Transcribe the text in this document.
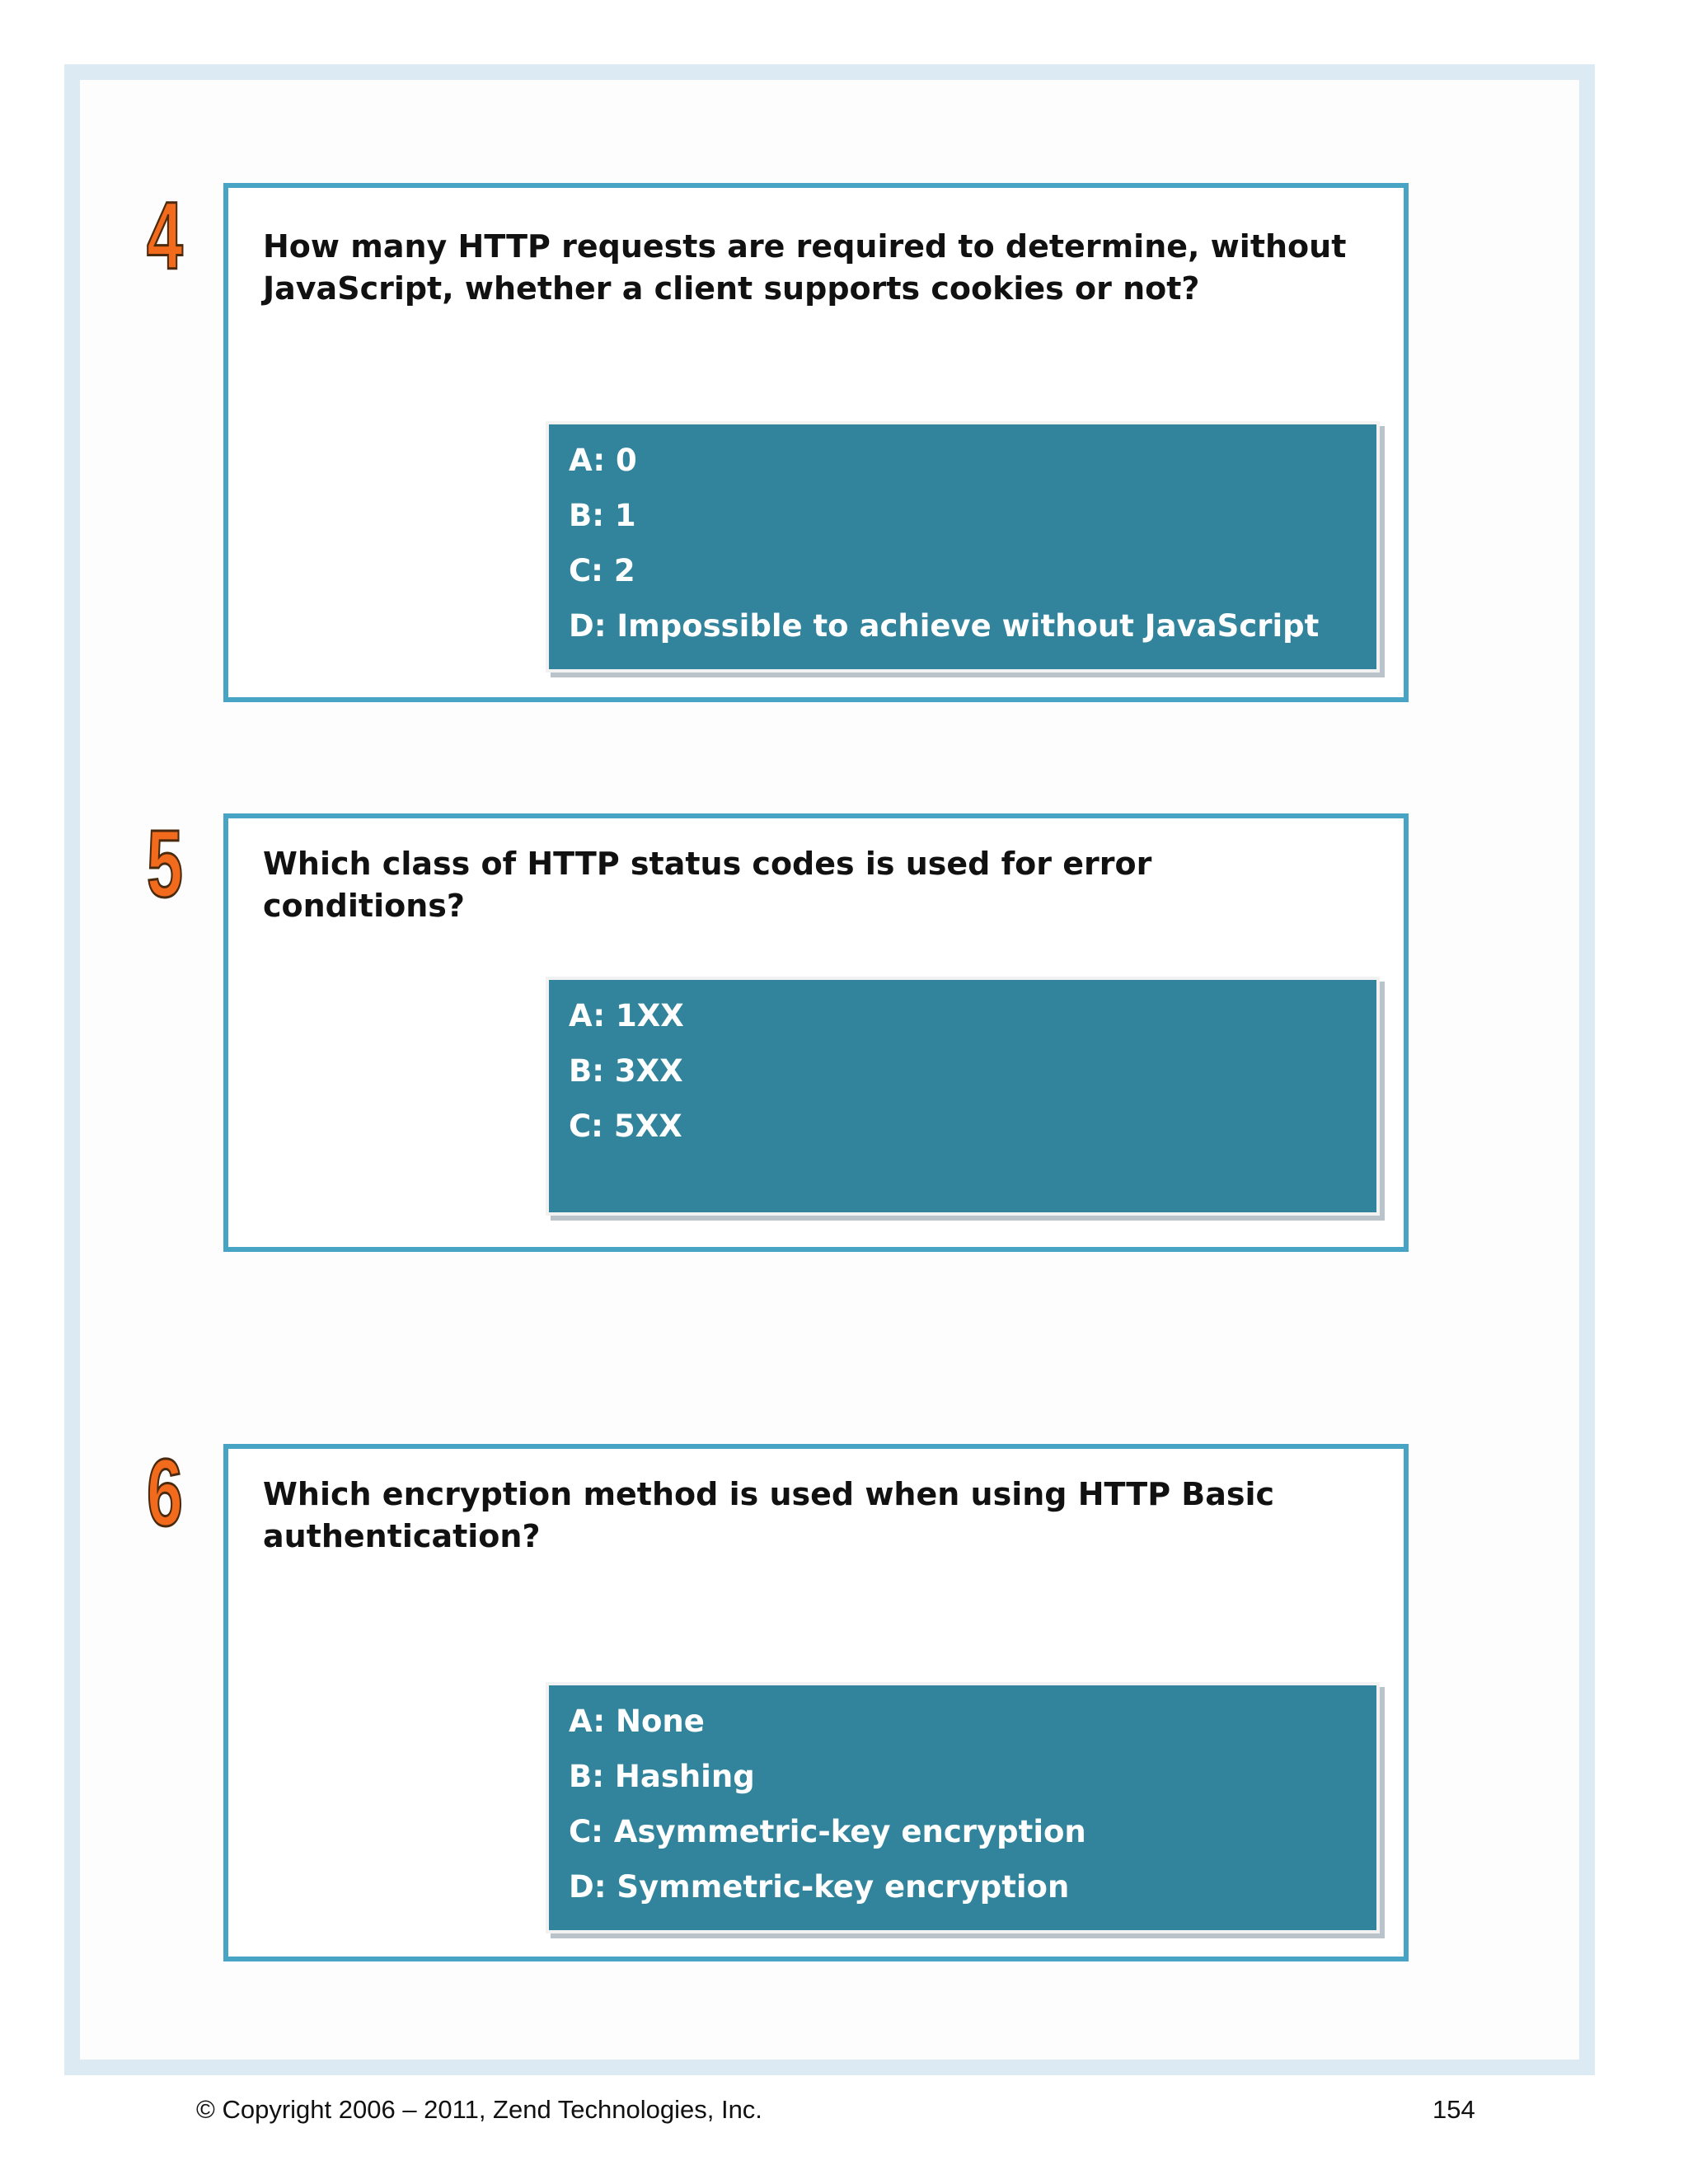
4	How many HTTP requests are required to determine, without JavaScript, whether a client supports cookies or not?

A: 0
B: 1
C: 2
D: Impossible to achieve without JavaScript
5	Which class of HTTP status codes is used for error conditions?

A: 1XX
B: 3XX
C: 5XX
6	Which encryption method is used when using HTTP Basic authentication?

A: None
B: Hashing
C: Asymmetric-key encryption
D: Symmetric-key encryption
© Copyright 2006 – 2011, Zend Technologies, Inc.	154
